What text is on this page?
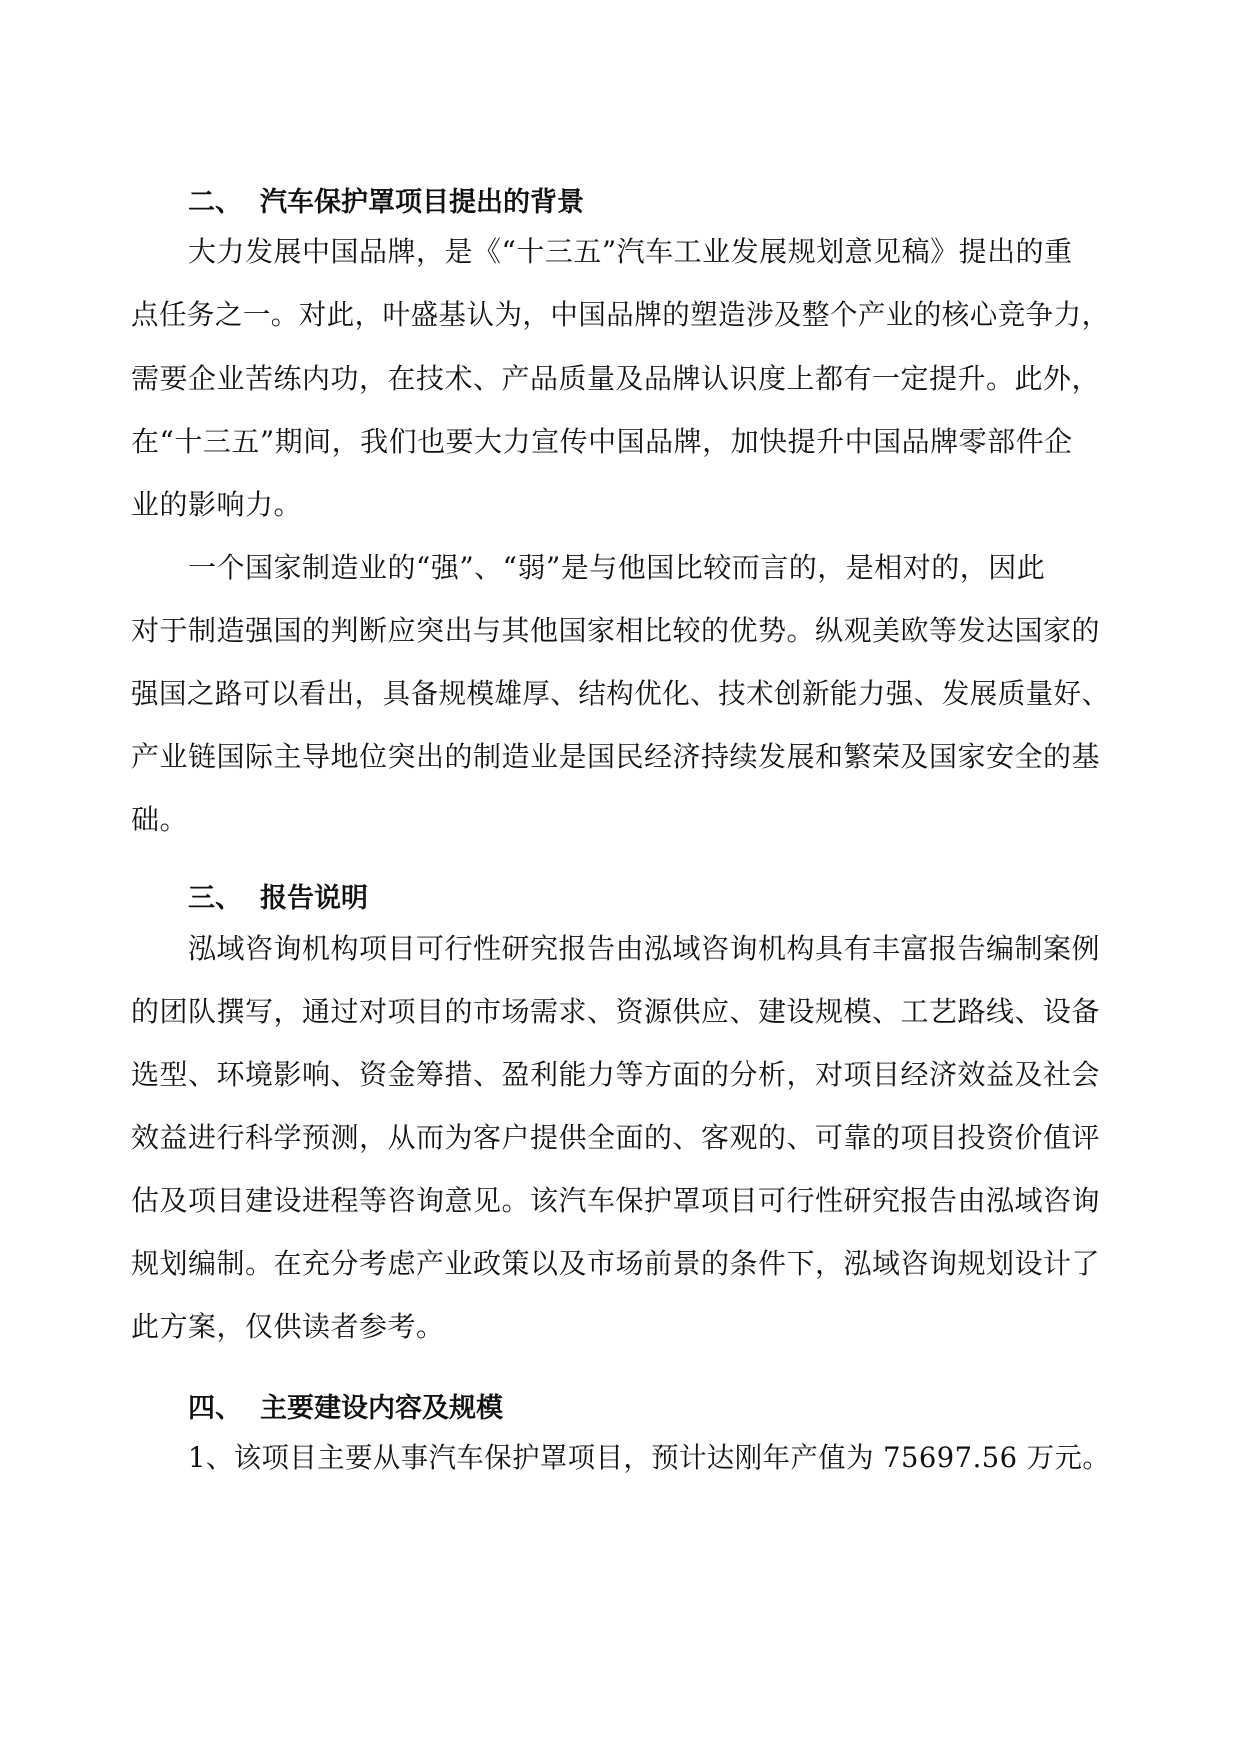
二、 汽车保护罩项目提出的背景
大力发展中国品牌，是《“十三五”汽车工业发展规划意见稿》提出的重
点任务之一。对此，叶盛基认为，中国品牌的塑造涉及整个产业的核心竞争力，
需要企业苦练内功，在技术、产品质量及品牌认识度上都有一定提升。此外，
在“十三五”期间，我们也要大力宣传中国品牌，加快提升中国品牌零部件企
业的影响力。
一个国家制造业的“强”、“弱”是与他国比较而言的，是相对的，因此
对于制造强国的判断应突出与其他国家相比较的优势。纵观美欧等发达国家的
强国之路可以看出，具备规模雄厚、结构优化、技术创新能力强、发展质量好、
产业链国际主导地位突出的制造业是国民经济持续发展和繁荣及国家安全的基
础。
三、 报告说明
泓域咨询机构项目可行性研究报告由泓域咨询机构具有丰富报告编制案例
的团队撰写，通过对项目的市场需求、资源供应、建设规模、工艺路线、设备
选型、环境影响、资金筹措、盈利能力等方面的分析，对项目经济效益及社会
效益进行科学预测，从而为客户提供全面的、客观的、可靠的项目投资价值评
估及项目建设进程等咨询意见。该汽车保护罩项目可行性研究报告由泓域咨询
规划编制。在充分考虑产业政策以及市场前景的条件下，泓域咨询规划设计了
此方案，仅供读者参考。
四、 主要建设内容及规模
1、该项目主要从事汽车保护罩项目，预计达刚年产值为 75697.56 万元。
